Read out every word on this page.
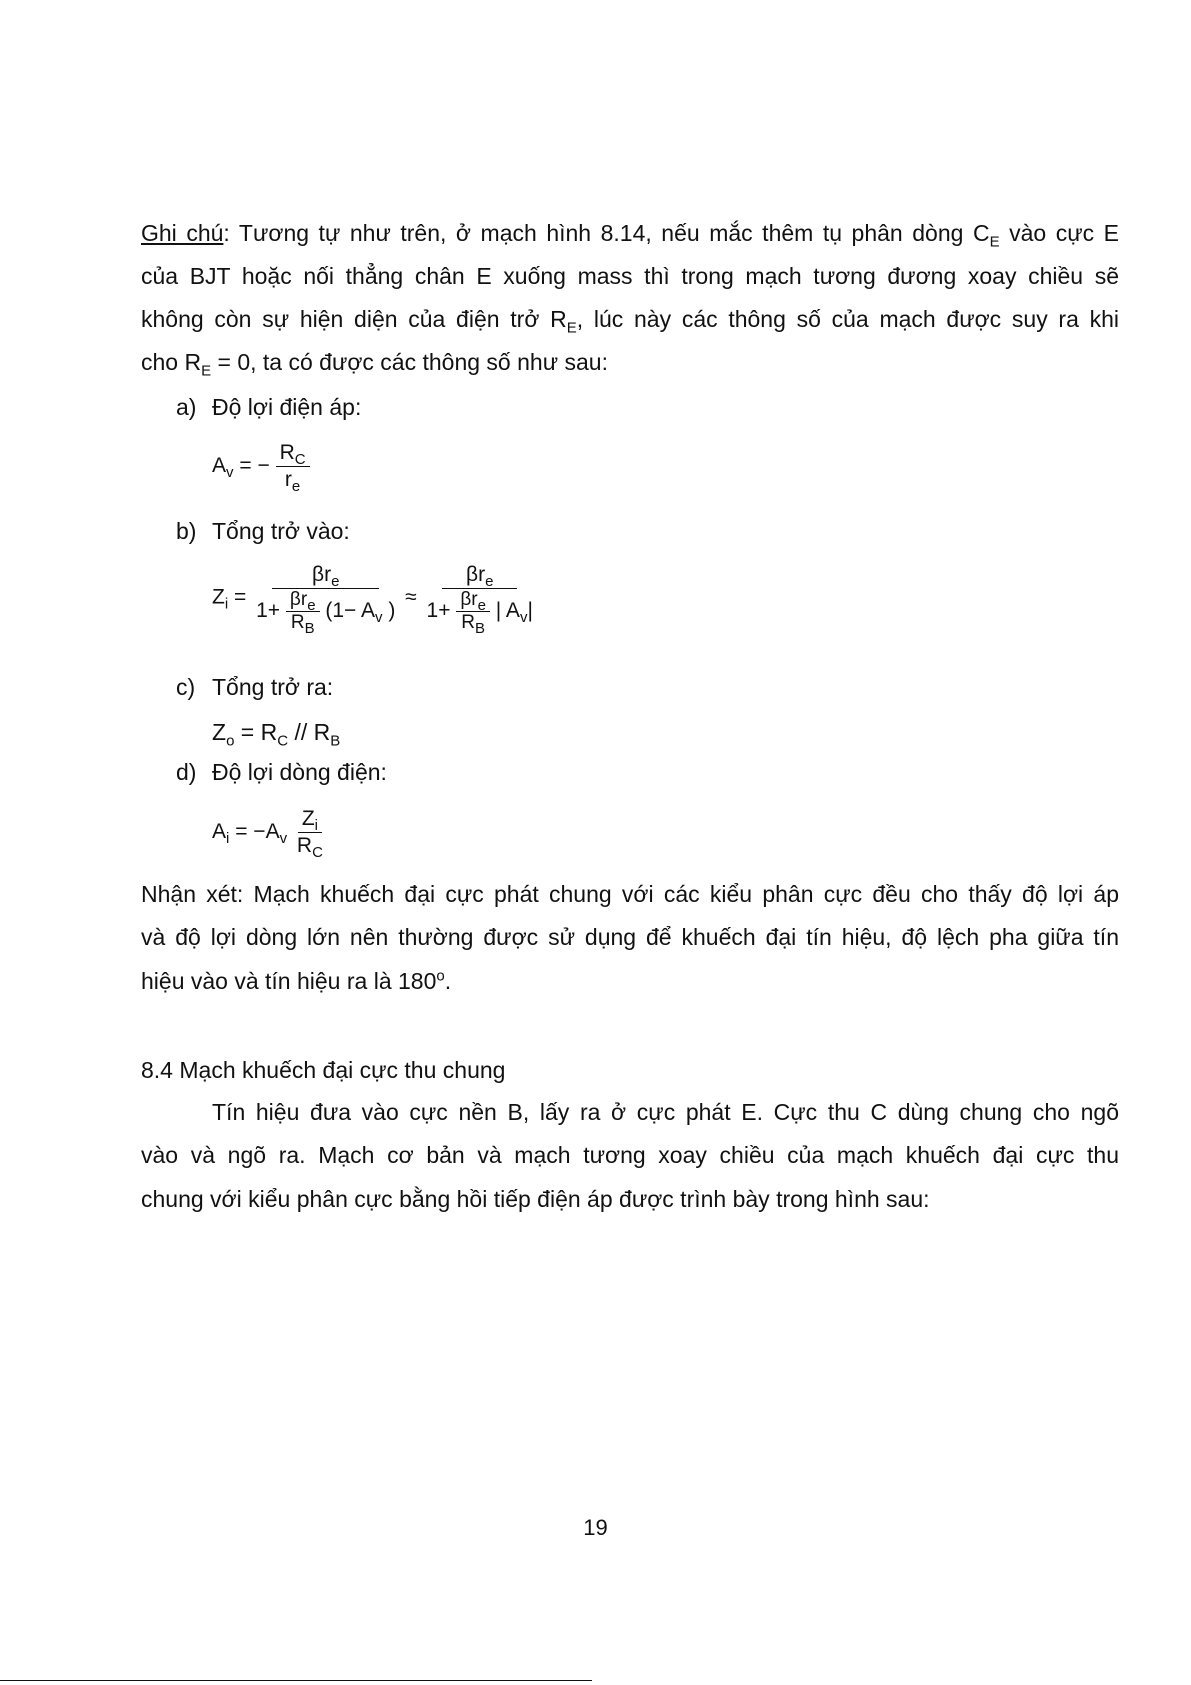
Ghi chú: Tương tự như trên, ở mạch hình 8.14, nếu mắc thêm tụ phân dòng $C_E$ vào cực E
của BJT hoặc nối thẳng chân E xuống mass thì trong mạch tương đương xoay chiều sẽ
không còn sự hiện diện của điện trở $R_E$, lúc này các thông số của mạch được suy ra khi
cho $R_E = 0$, ta có được các thông số như sau:
a) Độ lợi điện áp:
$A_v$ = − $\frac{R_C}{r_e}$
b) Tổng trở vào:
$Z_i$ =
$\beta r_e$
$1+ \frac{\beta r_e}{R_B} (1- A_v$ )
≈
$\beta r_e$
$1+ \frac{\beta r_e}{R_B}$ | $A_v|$
c) Tổng trở ra:
$Z_o = R_C // R_B$
d) Độ lợi dòng điện:
$A_i = -A_v \frac{Z_i}{R_C}$
Nhận xét: Mạch khuếch đại cực phát chung với các kiểu phân cực đều cho thấy độ lợi áp
và độ lợi dòng lớn nên thường được sử dụng để khuếch đại tín hiệu, độ lệch pha giữa tín
hiệu vào và tín hiệu ra là 180$^o$.
8.4 Mạch khuếch đại cực thu chung
Tín hiệu đưa vào cực nền B, lấy ra ở cực phát E. Cực thu C dùng chung cho ngõ
vào và ngõ ra. Mạch cơ bản và mạch tương xoay chiều của mạch khuếch đại cực thu
chung với kiểu phân cực bằng hồi tiếp điện áp được trình bày trong hình sau:
19
